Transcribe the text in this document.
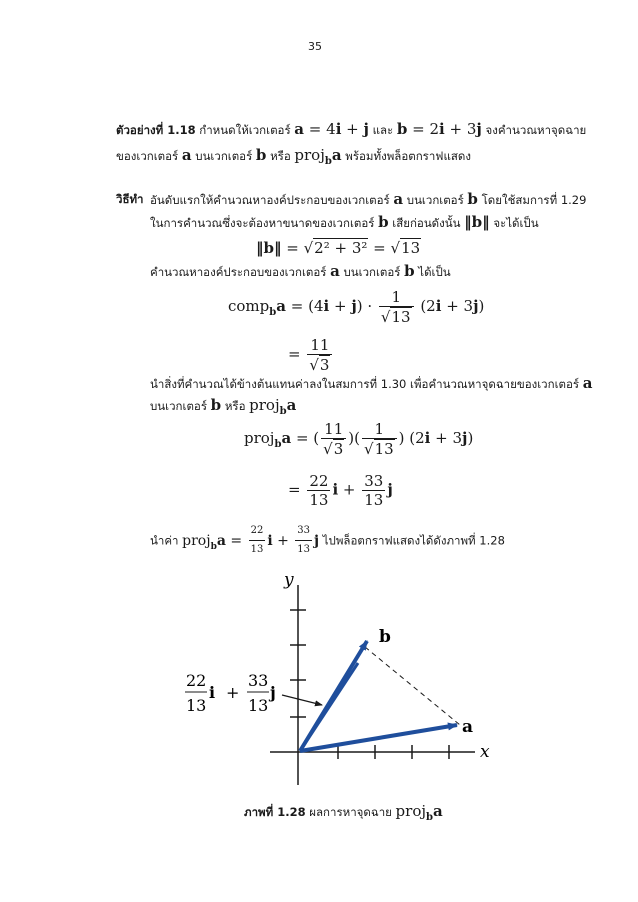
35
ตัวอย่างที่ 1.18 กำหนดให้เวกเตอร์ a = 4i + j และ b = 2i + 3j จงคำนวณหาจุดฉาย
ของเวกเตอร์ a บนเวกเตอร์ b หรือ proj$_b$a พร้อมทั้งพล็อตกราฟแสดง
วิธีทำ อันดับแรกให้คำนวณหาองค์ประกอบของเวกเตอร์ a บนเวกเตอร์ b โดยใช้สมการที่ 1.29
ในการคำนวณซึ่งจะต้องหาขนาดของเวกเตอร์ b เสียก่อนดังนั้น ‖b‖ จะได้เป็น
‖b‖ = √2² + 3² = √13
คำนวณหาองค์ประกอบของเวกเตอร์ a บนเวกเตอร์ b ได้เป็น
comp$_b$a = $(4i + j) \cdot \frac{1}{√13} (2i + 3j)$
= $\frac{11}{√3}$
นำสิ่งที่คำนวณได้ข้างต้นแทนค่าลงในสมการที่ 1.30 เพื่อคำนวณหาจุดฉายของเวกเตอร์ a
บนเวกเตอร์ b หรือ proj$_b$a
proj$_b$a = ( $\frac{11}{√3}$ )( $\frac{1}{√13}$ ) (2i + 3j)
= $\frac{22}{13}$ $i + \frac{33}{13}$ j
นำค่า proj$_b$a = $\frac{22}{13}$ $i + \frac{33}{13}$ j ไปพล็อตกราฟแสดงได้ดังภาพที่ 1.28
y
x
b
a
22
13
i +
33
13
j
ภาพที่ 1.28 ผลการหาจุดฉาย proj$_b$a
